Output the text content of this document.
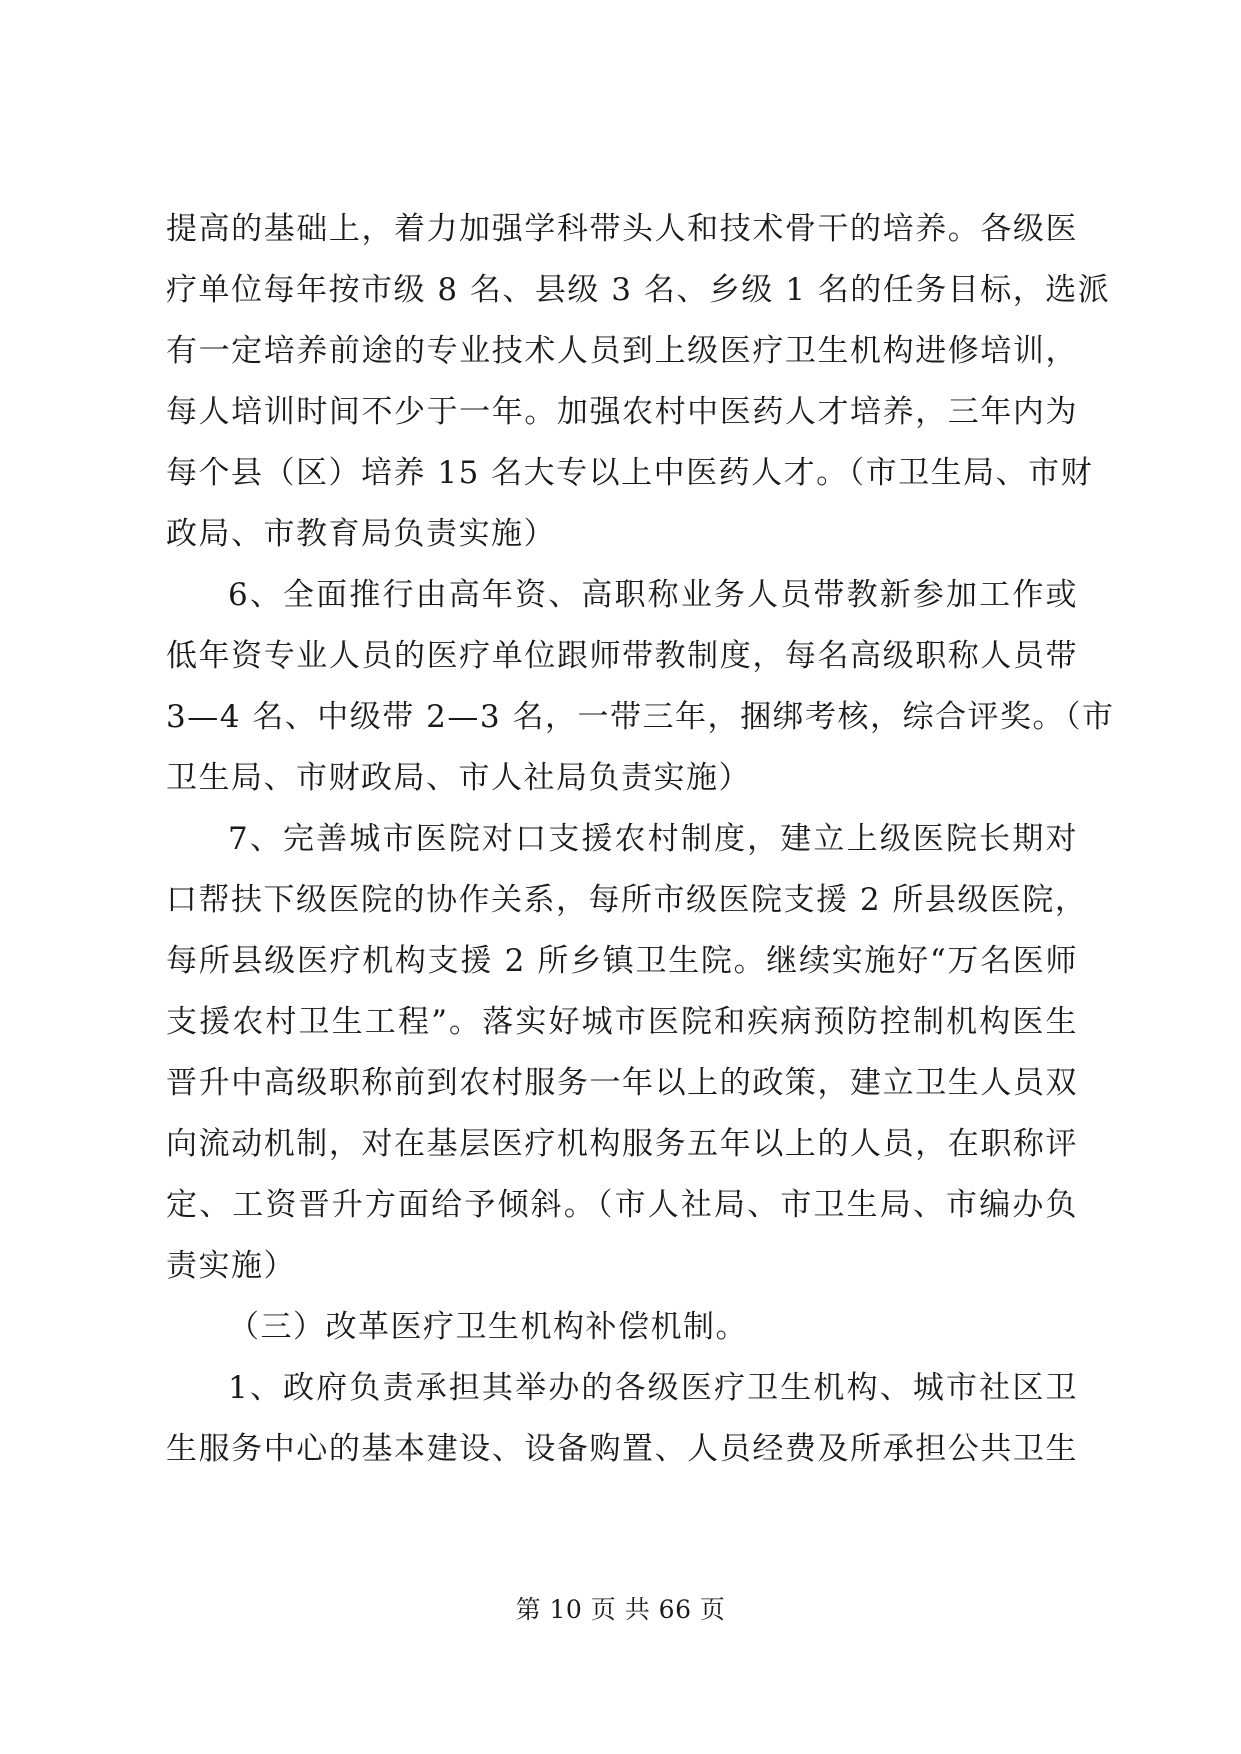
提高的基础上，着力加强学科带头人和技术骨干的培养。各级医
疗单位每年按市级 8 名、县级 3 名、乡级 1 名的任务目标，选派
有一定培养前途的专业技术人员到上级医疗卫生机构进修培训，
每人培训时间不少于一年。加强农村中医药人才培养，三年内为
每个县（区）培养 15 名大专以上中医药人才。（市卫生局、市财
政局、市教育局负责实施）
6、全面推行由高年资、高职称业务人员带教新参加工作或
低年资专业人员的医疗单位跟师带教制度，每名高级职称人员带
3—4 名、中级带 2—3 名，一带三年，捆绑考核，综合评奖。（市
卫生局、市财政局、市人社局负责实施）
7、完善城市医院对口支援农村制度，建立上级医院长期对
口帮扶下级医院的协作关系，每所市级医院支援 2 所县级医院，
每所县级医疗机构支援 2 所乡镇卫生院。继续实施好“万名医师
支援农村卫生工程”。落实好城市医院和疾病预防控制机构医生
晋升中高级职称前到农村服务一年以上的政策，建立卫生人员双
向流动机制，对在基层医疗机构服务五年以上的人员，在职称评
定、工资晋升方面给予倾斜。（市人社局、市卫生局、市编办负
责实施）
（三）改革医疗卫生机构补偿机制。
1、政府负责承担其举办的各级医疗卫生机构、城市社区卫
生服务中心的基本建设、设备购置、人员经费及所承担公共卫生
第 10 页 共 66 页
